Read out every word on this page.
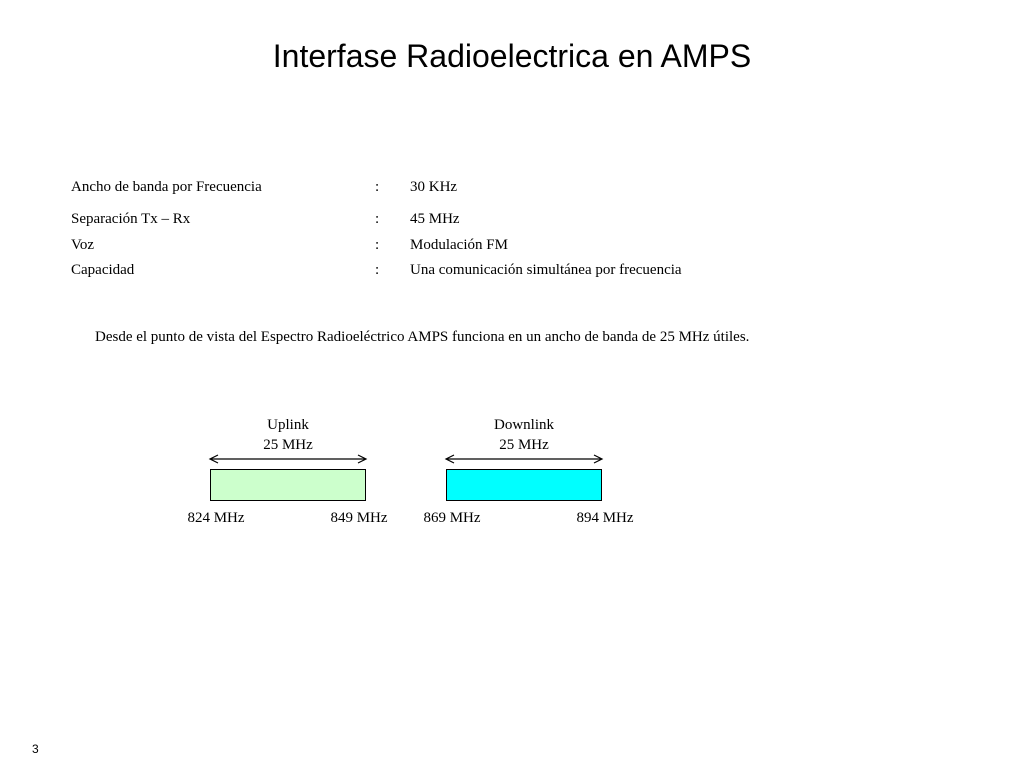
Interfase Radioelectrica en AMPS
Ancho de banda por Frecuencia	: 30 KHz
Separación Tx – Rx	: 45 MHz
Voz	: Modulación FM
Capacidad	: Una comunicación simultánea por frecuencia
Desde el punto de vista del Espectro Radioeléctrico AMPS funciona en un ancho de banda de 25 MHz útiles.
Uplink
25 MHz
824 MHz	849 MHz
Downlink
25 MHz
869 MHz	894 MHz
3
